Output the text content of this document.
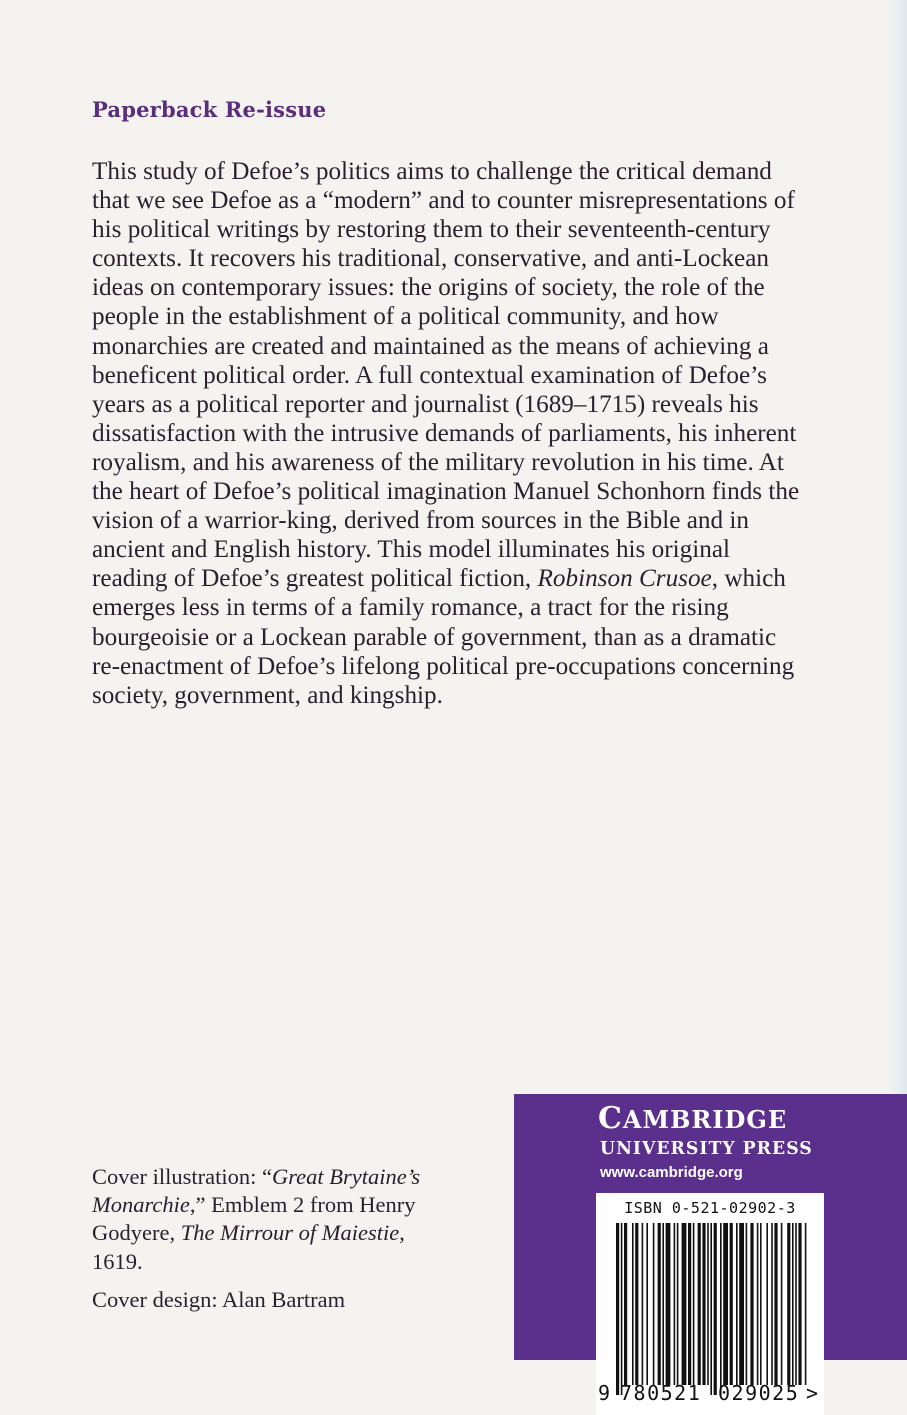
Paperback Re-issue

This study of Defoe’s politics aims to challenge the critical demand
that we see Defoe as a “modern” and to counter misrepresentations of
his political writings by restoring them to their seventeenth-century
contexts. It recovers his traditional, conservative, and anti-Lockean
ideas on contemporary issues: the origins of society, the role of the
people in the establishment of a political community, and how
monarchies are created and maintained as the means of achieving a
beneficent political order. A full contextual examination of Defoe’s
years as a political reporter and journalist (1689–1715) reveals his
dissatisfaction with the intrusive demands of parliaments, his inherent
royalism, and his awareness of the military revolution in his time. At
the heart of Defoe’s political imagination Manuel Schonhorn finds the
vision of a warrior-king, derived from sources in the Bible and in
ancient and English history. This model illuminates his original
reading of Defoe’s greatest political fiction, Robinson Crusoe, which
emerges less in terms of a family romance, a tract for the rising
bourgeoisie or a Lockean parable of government, than as a dramatic
re-enactment of Defoe’s lifelong political pre-occupations concerning
society, government, and kingship.

Cover illustration: “Great Brytaine’s
Monarchie,” Emblem 2 from Henry
Godyere, The Mirrour of Maiestie,
1619.
Cover design: Alan Bartram
CAMBRIDGE
UNIVERSITY PRESS
www.cambridge.org
ISBN 0-521-02902-3
9 780521 029025 >
